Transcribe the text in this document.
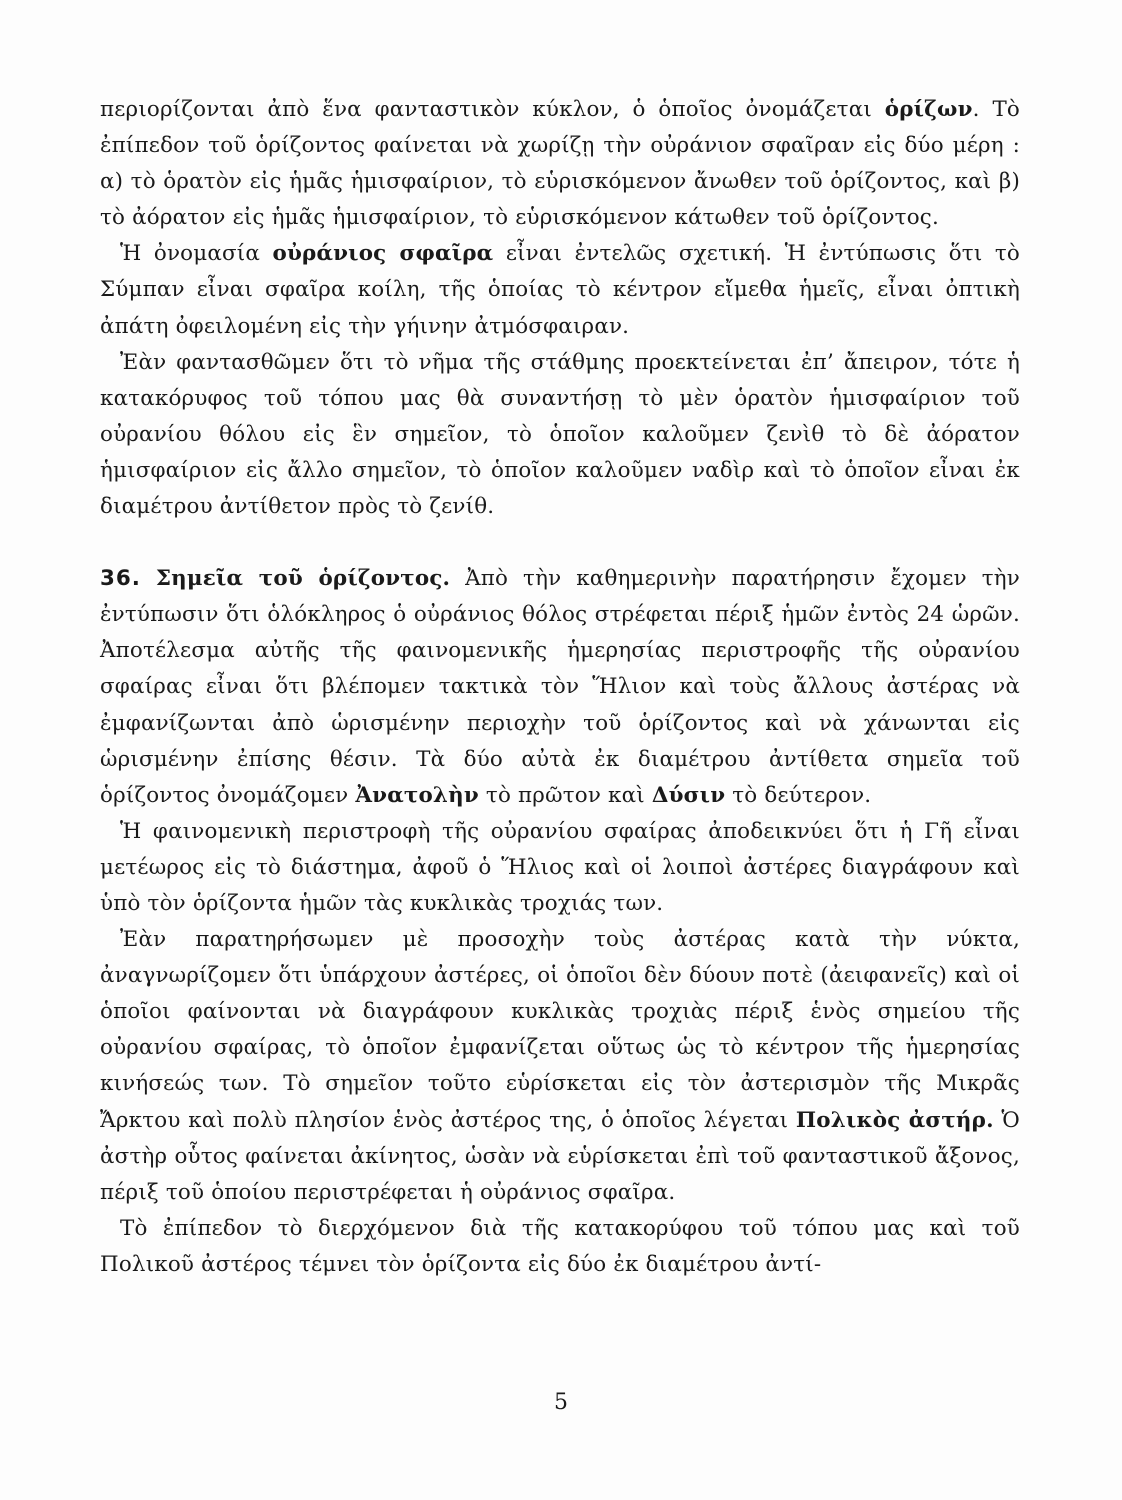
περιορίζονται ἀπὸ ἕνα φανταστικὸν κύκλον, ὁ ὁποῖος ὀνομάζεται ὁρίζων. Τὸ ἐπίπεδον τοῦ ὁρίζοντος φαίνεται νὰ χωρίζῃ τὴν οὐράνιον σφαῖραν εἰς δύο μέρη : α) τὸ ὁρατὸν εἰς ἡμᾶς ἡμισφαίριον, τὸ εὑρισκόμενον ἄνωθεν τοῦ ὁρίζοντος, καὶ β) τὸ ἀόρατον εἰς ἡμᾶς ἡμισφαίριον, τὸ εὑρισκόμενον κάτωθεν τοῦ ὁρίζοντος.

Ἡ ὀνομασία οὐράνιος σφαῖρα εἶναι ἐντελῶς σχετική. Ἡ ἐντύπωσις ὅτι τὸ Σύμπαν εἶναι σφαῖρα κοίλη, τῆς ὁποίας τὸ κέντρον εἴμεθα ἡμεῖς, εἶναι ὀπτικὴ ἀπάτη ὀφειλομένη εἰς τὴν γήινην ἀτμόσφαιραν.

Ἐὰν φαντασθῶμεν ὅτι τὸ νῆμα τῆς στάθμης προεκτείνεται ἐπ’ ἄπειρον, τότε ἡ κατακόρυφος τοῦ τόπου μας θὰ συναντήσῃ τὸ μὲν ὁρατὸν ἡμισφαίριον τοῦ οὐρανίου θόλου εἰς ἓν σημεῖον, τὸ ὁποῖον καλοῦμεν ζενὶθ τὸ δὲ ἀόρατον ἡμισφαίριον εἰς ἄλλο σημεῖον, τὸ ὁποῖον καλοῦμεν ναδὶρ καὶ τὸ ὁποῖον εἶναι ἐκ διαμέτρου ἀντίθετον πρὸς τὸ ζενίθ.

36. Σημεῖα τοῦ ὁρίζοντος. Ἀπὸ τὴν καθημερινὴν παρατήρησιν ἔχομεν τὴν ἐντύπωσιν ὅτι ὁλόκληρος ὁ οὐράνιος θόλος στρέφεται πέριξ ἡμῶν ἐντὸς 24 ὡρῶν. Ἀποτέλεσμα αὐτῆς τῆς φαινομενικῆς ἡμερησίας περιστροφῆς τῆς οὐρανίου σφαίρας εἶναι ὅτι βλέπομεν τακτικὰ τὸν Ἥλιον καὶ τοὺς ἄλλους ἀστέρας νὰ ἐμφανίζωνται ἀπὸ ὡρισμένην περιοχὴν τοῦ ὁρίζοντος καὶ νὰ χάνωνται εἰς ὡρισμένην ἐπίσης θέσιν. Τὰ δύο αὐτὰ ἐκ διαμέτρου ἀντίθετα σημεῖα τοῦ ὁρίζοντος ὀνομάζομεν Ἀνατολὴν τὸ πρῶτον καὶ Δύσιν τὸ δεύτερον.

Ἡ φαινομενικὴ περιστροφὴ τῆς οὐρανίου σφαίρας ἀποδεικνύει ὅτι ἡ Γῆ εἶναι μετέωρος εἰς τὸ διάστημα, ἀφοῦ ὁ Ἥλιος καὶ οἱ λοιποὶ ἀστέρες διαγράφουν καὶ ὑπὸ τὸν ὁρίζοντα ἡμῶν τὰς κυκλικὰς τροχιάς των.

Ἐὰν παρατηρήσωμεν μὲ προσοχὴν τοὺς ἀστέρας κατὰ τὴν νύκτα, ἀναγνωρίζομεν ὅτι ὑπάρχουν ἀστέρες, οἱ ὁποῖοι δὲν δύουν ποτὲ (ἀειφανεῖς) καὶ οἱ ὁποῖοι φαίνονται νὰ διαγράφουν κυκλικὰς τροχιὰς πέριξ ἑνὸς σημείου τῆς οὐρανίου σφαίρας, τὸ ὁποῖον ἐμφανίζεται οὕτως ὡς τὸ κέντρον τῆς ἡμερησίας κινήσεώς των. Τὸ σημεῖον τοῦτο εὑρίσκεται εἰς τὸν ἀστερισμὸν τῆς Μικρᾶς Ἄρκτου καὶ πολὺ πλησίον ἑνὸς ἀστέρος της, ὁ ὁποῖος λέγεται Πολικὸς ἀστήρ. Ὁ ἀστὴρ οὗτος φαίνεται ἀκίνητος, ὡσὰν νὰ εὑρίσκεται ἐπὶ τοῦ φανταστικοῦ ἄξονος, πέριξ τοῦ ὁποίου περιστρέφεται ἡ οὐράνιος σφαῖρα.

Τὸ ἐπίπεδον τὸ διερχόμενον διὰ τῆς κατακορύφου τοῦ τόπου μας καὶ τοῦ Πολικοῦ ἀστέρος τέμνει τὸν ὁρίζοντα εἰς δύο ἐκ διαμέτρου ἀντί-

5
